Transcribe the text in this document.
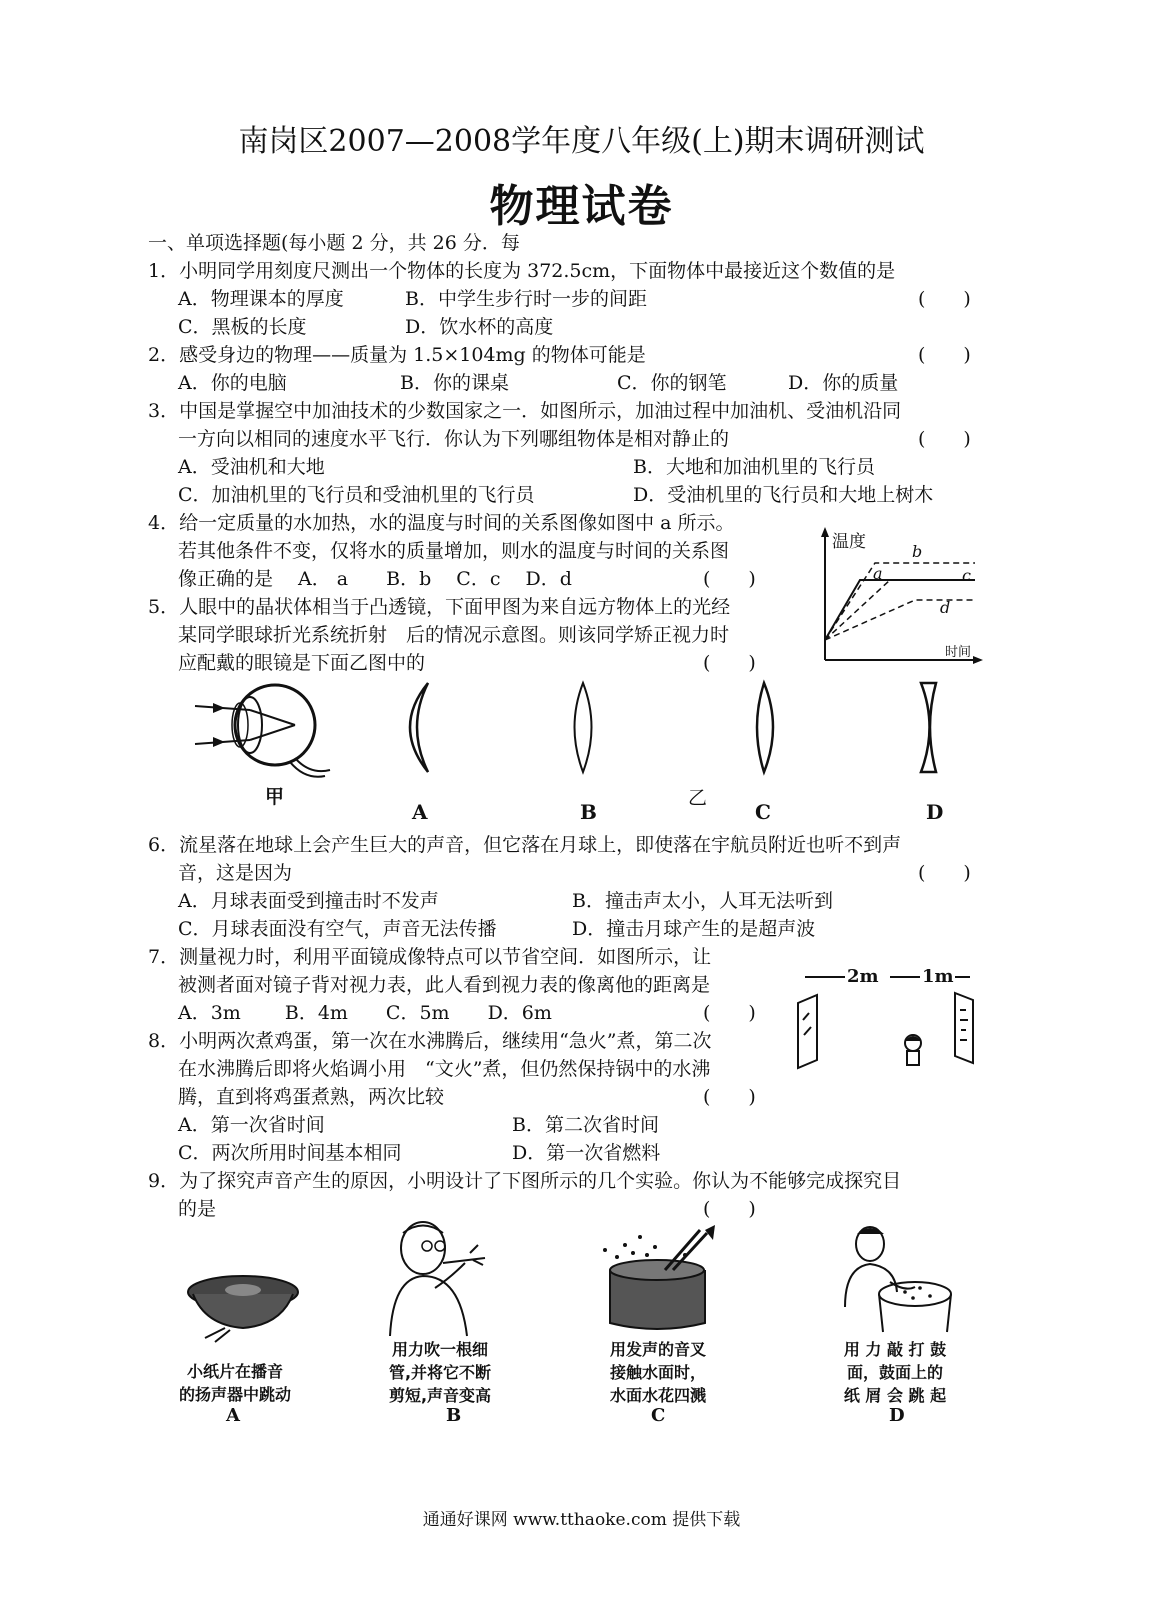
南岗区2007—2008学年度八年级(上)期末调研测试
物理试卷
一、单项选择题(每小题 2 分，共 26 分．每
1．小明同学用刻度尺测出一个物体的长度为 372.5cm，下面物体中最接近这个数值的是
A．物理课本的厚度	B．中学生步行时一步的间距	(　　)
C．黑板的长度	D．饮水杯的高度
2．感受身边的物理——质量为 1.5×104mg 的物体可能是	(　　)
A．你的电脑	B．你的课桌	C．你的钢笔	D．你的质量
3．中国是掌握空中加油技术的少数国家之一．如图所示，加油过程中加油机、受油机沿同
一方向以相同的速度水平飞行．你认为下列哪组物体是相对静止的	(　　)
A．受油机和大地	B．大地和加油机里的飞行员
C．加油机里的飞行员和受油机里的飞行员	D．受油机里的飞行员和大地上树木
4．给一定质量的水加热，水的温度与时间的关系图像如图中 a 所示。
若其他条件不变，仅将水的质量增加，则水的温度与时间的关系图
像正确的是　 A． a　　B．b　 C．c　 D．d	(　　)
温度
时间
a
b
c
d
5．人眼中的晶状体相当于凸透镜，下面甲图为来自远方物体上的光经
某同学眼球折光系统折射　后的情况示意图。则该同学矫正视力时
应配戴的眼镜是下面乙图中的	(　　)
甲
A	B
乙
C	D
6．流星落在地球上会产生巨大的声音，但它落在月球上，即使落在宇航员附近也听不到声
音，这是因为	(　　)
A．月球表面受到撞击时不发声	B．撞击声太小，人耳无法听到
C．月球表面没有空气，声音无法传播	D．撞击月球产生的是超声波
7．测量视力时，利用平面镜成像特点可以节省空间．如图所示，让
被测者面对镜子背对视力表，此人看到视力表的像离他的距离是
A．3m　　 B．4m　　C．5m　　D．6m	(　　)
2m 1m
8．小明两次煮鸡蛋，第一次在水沸腾后，继续用“急火”煮，第二次
在水沸腾后即将火焰调小用　“文火”煮，但仍然保持锅中的水沸
腾，直到将鸡蛋煮熟，两次比较	(　　)
A．第一次省时间	B．第二次省时间
C．两次所用时间基本相同	D．第一次省燃料
9．为了探究声音产生的原因，小明设计了下图所示的几个实验。你认为不能够完成探究目
的是	(　　)
小纸片在播音
的扬声器中跳动
A
用力吹一根细
管,并将它不断
剪短,声音变高
B
用发声的音叉
接触水面时，
水面水花四溅
C
用 力 敲 打 鼓
面，鼓面上的
纸 屑 会 跳 起
D
通通好课网 www.tthaoke.com 提供下载
